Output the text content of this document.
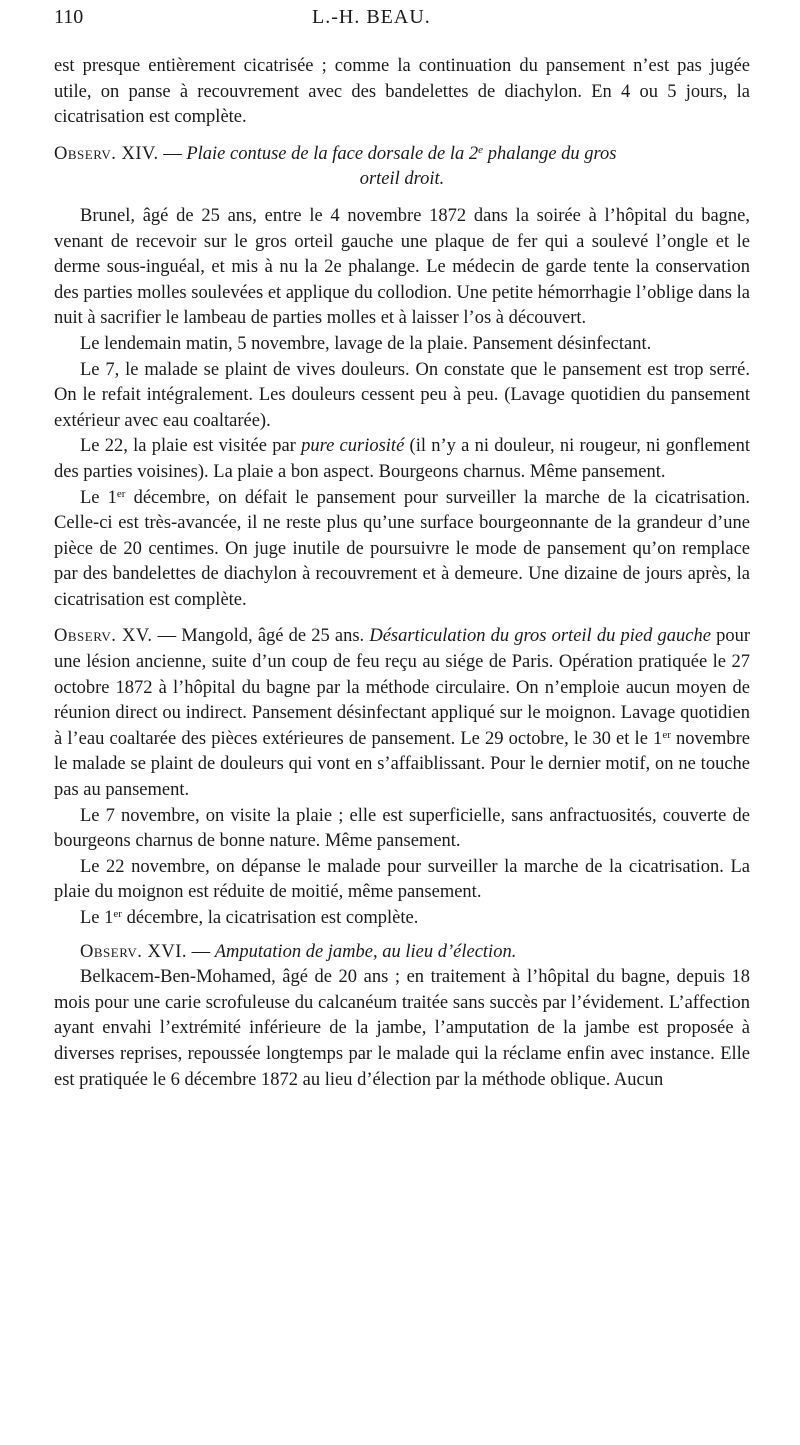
110	L.-H. BEAU.

est presque entièrement cicatrisée ; comme la continuation du pansement n’est pas jugée utile, on panse à recouvrement avec des bandelettes de diachylon. En 4 ou 5 jours, la cicatrisation est complète.

Observ. XIV. — Plaie contuse de la face dorsale de la 2e phalange du gros
orteil droit.

Brunel, âgé de 25 ans, entre le 4 novembre 1872 dans la soirée à l’hôpital du bagne, venant de recevoir sur le gros orteil gauche une plaque de fer qui a soulevé l’ongle et le derme sous-inguéal, et mis à nu la 2e phalange. Le médecin de garde tente la conservation des parties molles soulevées et applique du collodion. Une petite hémorrhagie l’oblige dans la nuit à sacrifier le lambeau de parties molles et à laisser l’os à découvert.

Le lendemain matin, 5 novembre, lavage de la plaie. Pansement désinfectant.

Le 7, le malade se plaint de vives douleurs. On constate que le pansement est trop serré. On le refait intégralement. Les douleurs cessent peu à peu. (Lavage quotidien du pansement extérieur avec eau coaltarée).

Le 22, la plaie est visitée par pure curiosité (il n’y a ni douleur, ni rougeur, ni gonflement des parties voisines). La plaie a bon aspect. Bourgeons charnus. Même pansement.

Le 1er décembre, on défait le pansement pour surveiller la marche de la cicatrisation. Celle-ci est très-avancée, il ne reste plus qu’une surface bourgeonnante de la grandeur d’une pièce de 20 centimes. On juge inutile de poursuivre le mode de pansement qu’on remplace par des bandelettes de diachylon à recouvrement et à demeure. Une dizaine de jours après, la cicatrisation est complète.

Observ. XV. — Mangold, âgé de 25 ans. Désarticulation du gros orteil du pied gauche pour une lésion ancienne, suite d’un coup de feu reçu au siége de Paris. Opération pratiquée le 27 octobre 1872 à l’hôpital du bagne par la méthode circulaire. On n’emploie aucun moyen de réunion direct ou indirect. Pansement désinfectant appliqué sur le moignon. Lavage quotidien à l’eau coaltarée des pièces extérieures de pansement. Le 29 octobre, le 30 et le 1er novembre le malade se plaint de douleurs qui vont en s’affaiblissant. Pour le dernier motif, on ne touche pas au pansement.

Le 7 novembre, on visite la plaie ; elle est superficielle, sans anfractuosités, couverte de bourgeons charnus de bonne nature. Même pansement.

Le 22 novembre, on dépanse le malade pour surveiller la marche de la cicatrisation. La plaie du moignon est réduite de moitié, même pansement.

Le 1er décembre, la cicatrisation est complète.

Observ. XVI. — Amputation de jambe, au lieu d’élection.

Belkacem-Ben-Mohamed, âgé de 20 ans ; en traitement à l’hôpital du bagne, depuis 18 mois pour une carie scrofuleuse du calcanéum traitée sans succès par l’évidement. L’affection ayant envahi l’extrémité inférieure de la jambe, l’amputation de la jambe est proposée à diverses reprises, repoussée longtemps par le malade qui la réclame enfin avec instance. Elle est pratiquée le 6 décembre 1872 au lieu d’élection par la méthode oblique. Aucun
